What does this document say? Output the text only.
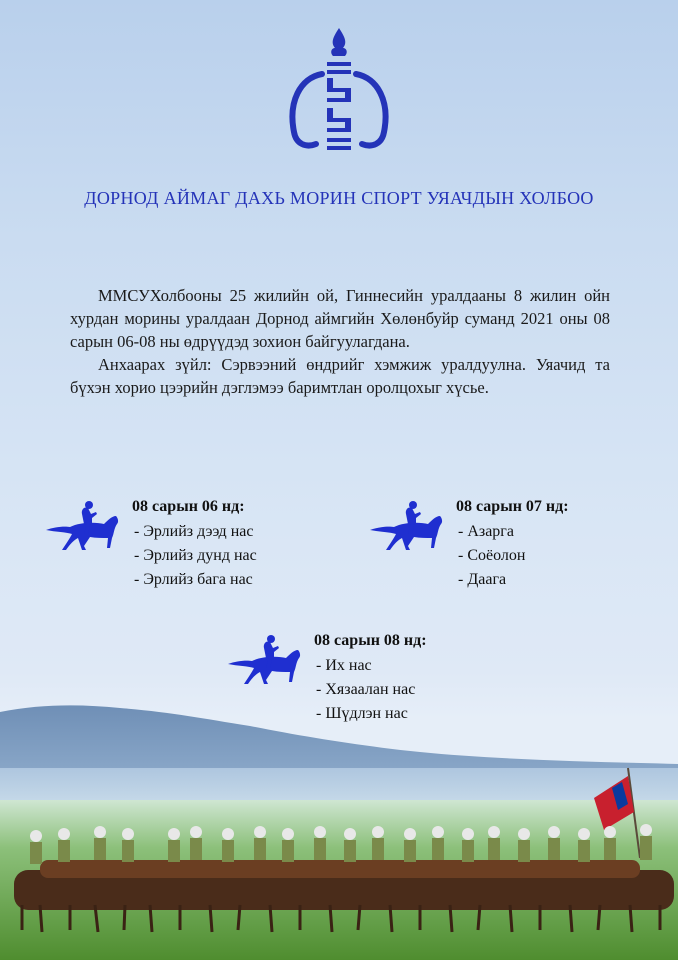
ДОРНОД АЙМАГ ДАХЬ МОРИН СПОРТ УЯАЧДЫН ХОЛБОО

ММСУХолбооны 25 жилийн ой, Гиннесийн уралдааны 8 жилин ойн хурдан морины уралдаан Дорнод аймгийн Хөлөнбуйр суманд 2021 оны 08 сарын 06-08 ны өдрүүдэд зохион байгуулагдана.

Анхаарах зүйл: Сэрвээний өндрийг хэмжиж уралдуулна. Уяачид та бүхэн хорио цээрийн дэглэмээ баримтлан оролцохыг хүсье.

08 сарын 06 нд:
- Эрлийз дээд нас
- Эрлийз дунд нас
- Эрлийз бага нас
08 сарын 07 нд:
- Азарга
- Соёолон
- Даага
08 сарын 08 нд:
- Их нас
- Хязаалан нас
- Шүдлэн нас
